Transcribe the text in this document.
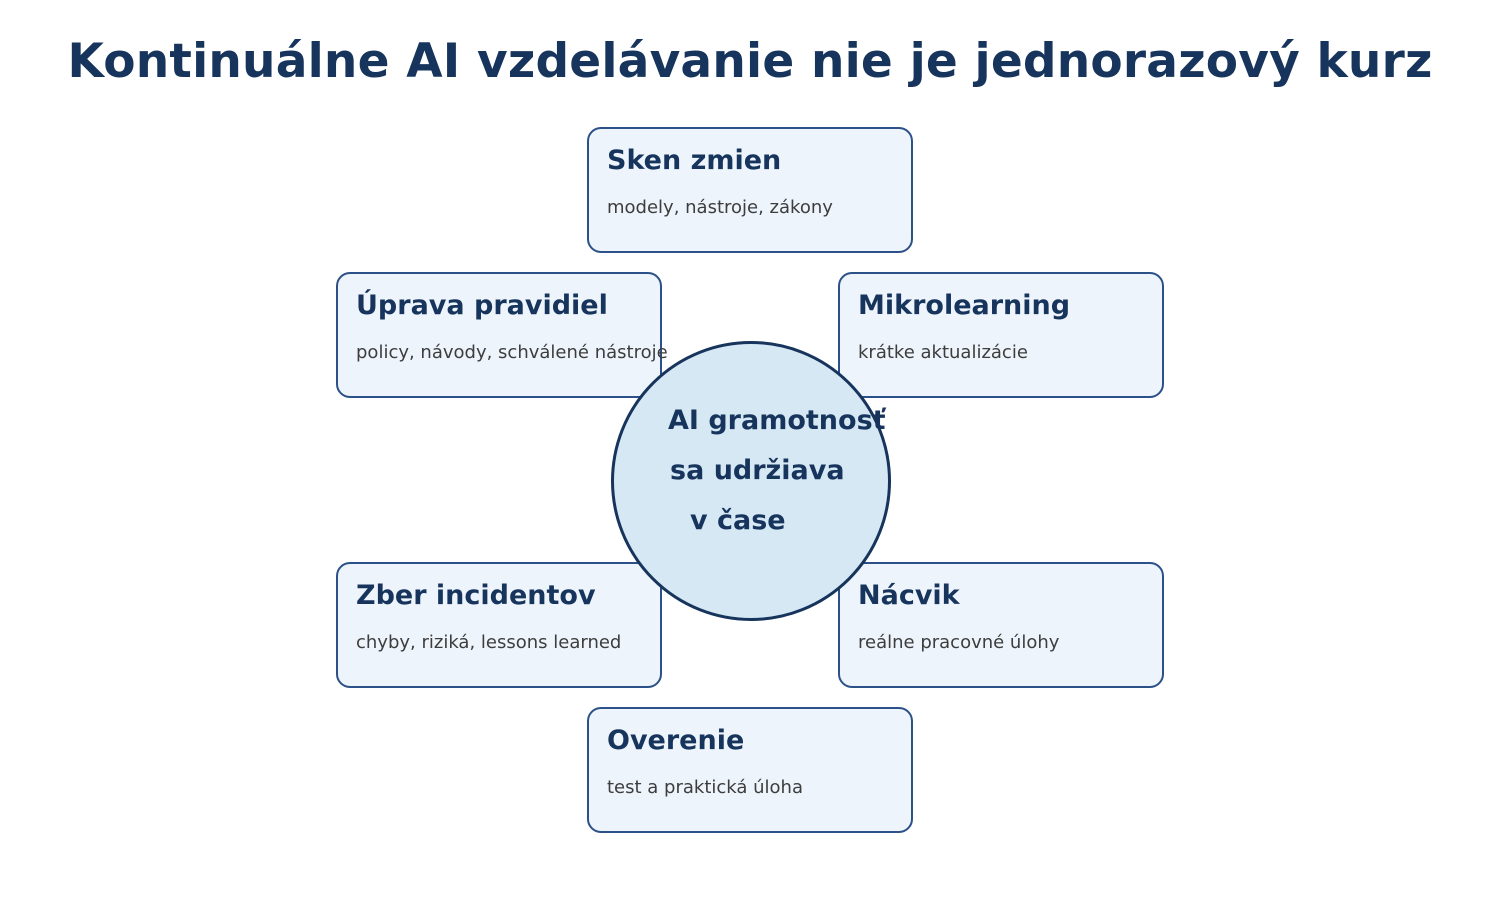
Kontinuálne AI vzdelávanie nie je jednorazový kurz
Sken zmien
modely, nástroje, zákony
Mikrolearning
krátke aktualizácie
Nácvik
reálne pracovné úlohy
Overenie
test a praktická úloha
Zber incidentov
chyby, riziká, lessons learned
Úprava pravidiel
policy, návody, schválené nástroje
AI gramotnosť
sa udržiava
v čase
